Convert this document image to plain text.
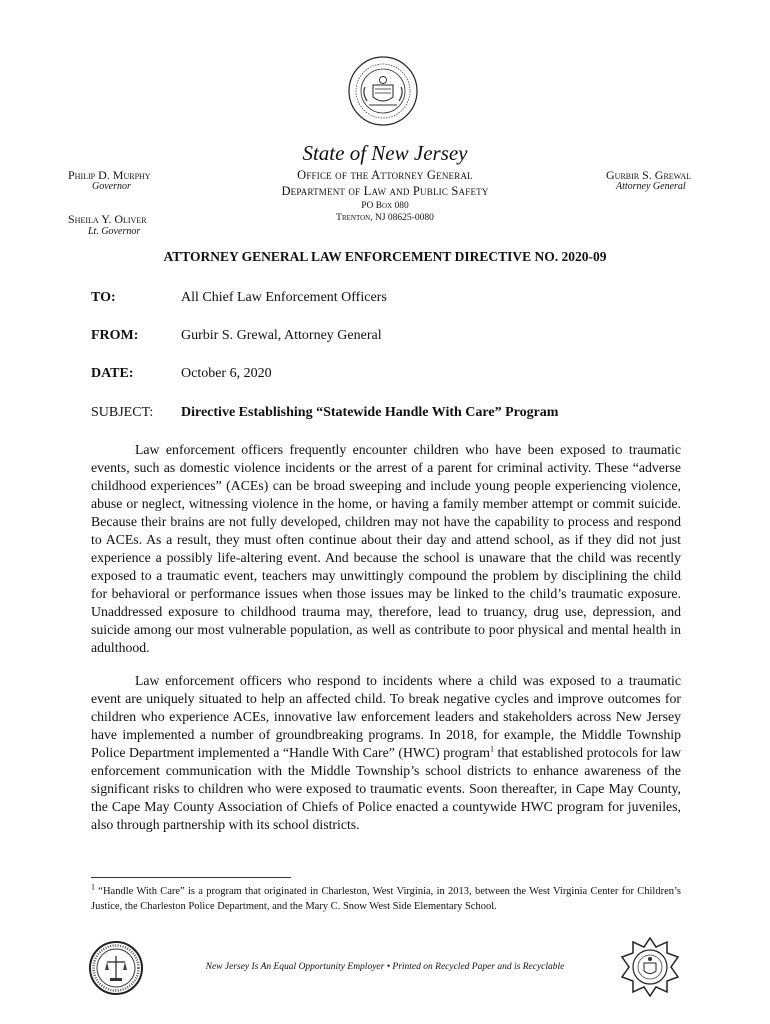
State of New Jersey
Office of the Attorney General
Department of Law and Public Safety
PO Box 080
Trenton, NJ 08625-0080
Philip D. Murphy
Governor
Sheila Y. Oliver
Lt. Governor
Gurbir S. Grewal
Attorney General
ATTORNEY GENERAL LAW ENFORCEMENT DIRECTIVE NO. 2020-09
TO:	All Chief Law Enforcement Officers
FROM:	Gurbir S. Grewal, Attorney General
DATE:	October 6, 2020
SUBJECT: Directive Establishing “Statewide Handle With Care” Program

Law enforcement officers frequently encounter children who have been exposed to traumatic events, such as domestic violence incidents or the arrest of a parent for criminal activity. These “adverse childhood experiences” (ACEs) can be broad sweeping and include young people experiencing violence, abuse or neglect, witnessing violence in the home, or having a family member attempt or commit suicide. Because their brains are not fully developed, children may not have the capability to process and respond to ACEs. As a result, they must often continue about their day and attend school, as if they did not just experience a possibly life-altering event. And because the school is unaware that the child was recently exposed to a traumatic event, teachers may unwittingly compound the problem by disciplining the child for behavioral or performance issues when those issues may be linked to the child’s traumatic exposure. Unaddressed exposure to childhood trauma may, therefore, lead to truancy, drug use, depression, and suicide among our most vulnerable population, as well as contribute to poor physical and mental health in adulthood.

Law enforcement officers who respond to incidents where a child was exposed to a traumatic event are uniquely situated to help an affected child. To break negative cycles and improve outcomes for children who experience ACEs, innovative law enforcement leaders and stakeholders across New Jersey have implemented a number of groundbreaking programs. In 2018, for example, the Middle Township Police Department implemented a “Handle With Care” (HWC) program$^1$ that established protocols for law enforcement communication with the Middle Township’s school districts to enhance awareness of the significant risks to children who were exposed to traumatic events. Soon thereafter, in Cape May County, the Cape May County Association of Chiefs of Police enacted a countywide HWC program for juveniles, also through partnership with its school districts.

$^1$ “Handle With Care” is a program that originated in Charleston, West Virginia, in 2013, between the West Virginia Center for Children’s Justice, the Charleston Police Department, and the Mary C. Snow West Side Elementary School.
New Jersey Is An Equal Opportunity Employer • Printed on Recycled Paper and is Recyclable
